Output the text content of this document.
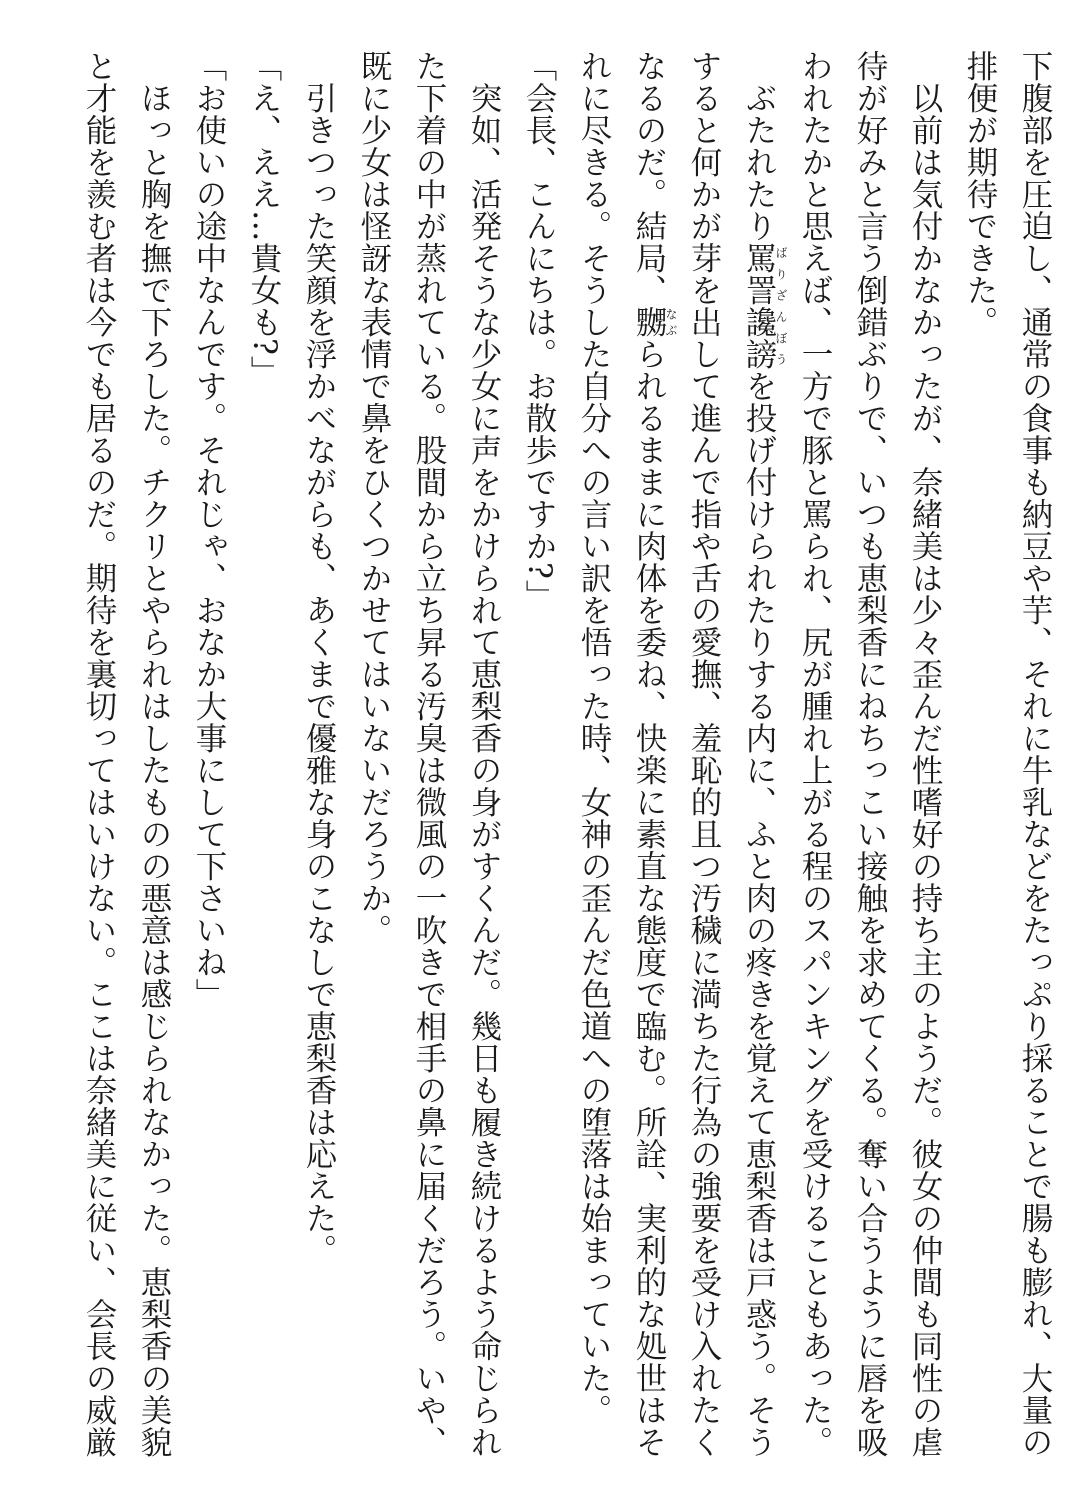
下腹部を圧迫し、通常の食事も納豆や芋、それに牛乳などをたっぷり採ることで腸も膨れ、大量の排便が期待できた。

以前は気付かなかったが、奈緒美は少々歪んだ性嗜好の持ち主のようだ。彼女の仲間も同性の虐待が好みと言う倒錯ぶりで、いつも恵梨香にねちっこい接触を求めてくる。奪い合うように唇を吸われたかと思えば、一方で豚と罵られ、尻が腫れ上がる程のスパンキングを受けることもあった。

ぶたれたり罵詈讒謗ばりざんぼうを投げ付けられたりする内に、ふと肉の疼きを覚えて恵梨香は戸惑う。そうすると何かが芽を出して進んで指や舌の愛撫、羞恥的且つ汚穢に満ちた行為の強要を受け入れたくなるのだ。結局、嬲なぶられるままに肉体を委ね、快楽に素直な態度で臨む。所詮、実利的な処世はそれに尽きる。そうした自分への言い訳を悟った時、女神の歪んだ色道への堕落は始まっていた。

「会長、こんにちは。お散歩ですか?」

突如、活発そうな少女に声をかけられて恵梨香の身がすくんだ。幾日も履き続けるよう命じられた下着の中が蒸れている。股間から立ち昇る汚臭は微風の一吹きで相手の鼻に届くだろう。いや、既に少女は怪訝な表情で鼻をひくつかせてはいないだろうか。

引きつった笑顔を浮かべながらも、あくまで優雅な身のこなしで恵梨香は応えた。

「え、ええ…貴女も?」

「お使いの途中なんです。それじゃ、おなか大事にして下さいね」

ほっと胸を撫で下ろした。チクリとやられはしたものの悪意は感じられなかった。恵梨香の美貌と才能を羨む者は今でも居るのだ。期待を裏切ってはいけない。ここは奈緒美に従い、会長の威厳
